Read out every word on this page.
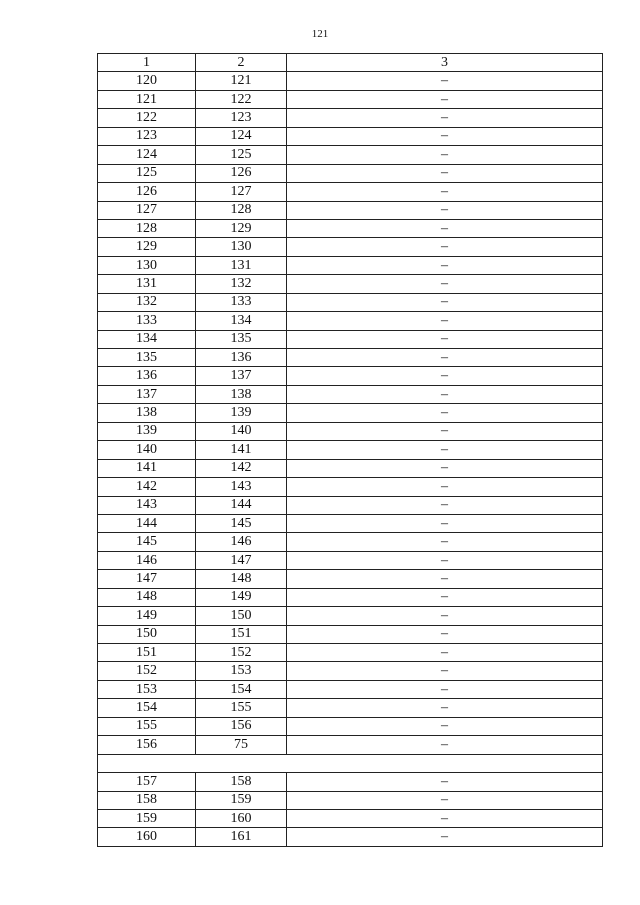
121
1	2	3
120	121	–
121	122	–
122	123	–
123	124	–
124	125	–
125	126	–
126	127	–
127	128	–
128	129	–
129	130	–
130	131	–
131	132	–
132	133	–
133	134	–
134	135	–
135	136	–
136	137	–
137	138	–
138	139	–
139	140	–
140	141	–
141	142	–
142	143	–
143	144	–
144	145	–
145	146	–
146	147	–
147	148	–
148	149	–
149	150	–
150	151	–
151	152	–
152	153	–
153	154	–
154	155	–
155	156	–
156	75	–

157	158	–
158	159	–
159	160	–
160	161	–
